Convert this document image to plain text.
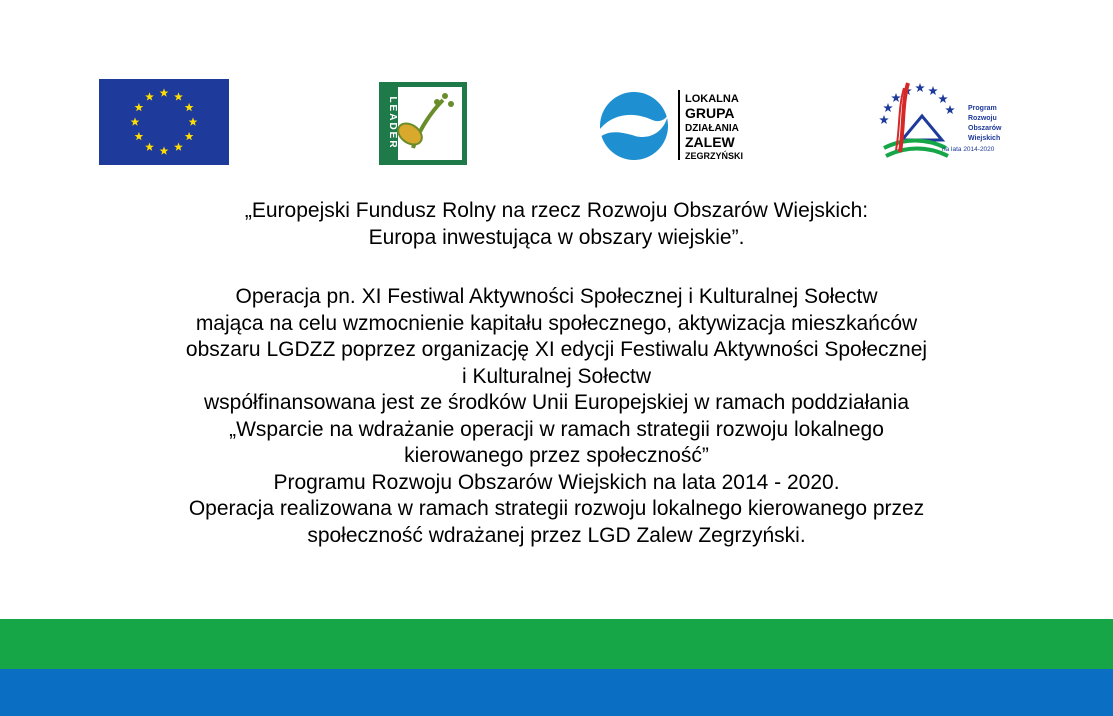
LEADER	LOKALNA
GRUPA
DZIAŁANIA
ZALEW
ZEGRZYŃSKI
Program
Rozwoju
Obszarów
Wiejskich
na lata 2014-2020
„Europejski Fundusz Rolny na rzecz Rozwoju Obszarów Wiejskich:
Europa inwestująca w obszary wiejskie”.
Operacja pn. XI Festiwal Aktywności Społecznej i Kulturalnej Sołectw
mająca na celu wzmocnienie kapitału społecznego, aktywizacja mieszkańców
obszaru LGDZZ poprzez organizację XI edycji Festiwalu Aktywności Społecznej
i Kulturalnej Sołectw
współfinansowana jest ze środków Unii Europejskiej w ramach poddziałania
„Wsparcie na wdrażanie operacji w ramach strategii rozwoju lokalnego
kierowanego przez społeczność”
Programu Rozwoju Obszarów Wiejskich na lata 2014 - 2020.
Operacja realizowana w ramach strategii rozwoju lokalnego kierowanego przez
społeczność wdrażanej przez LGD Zalew Zegrzyński.
